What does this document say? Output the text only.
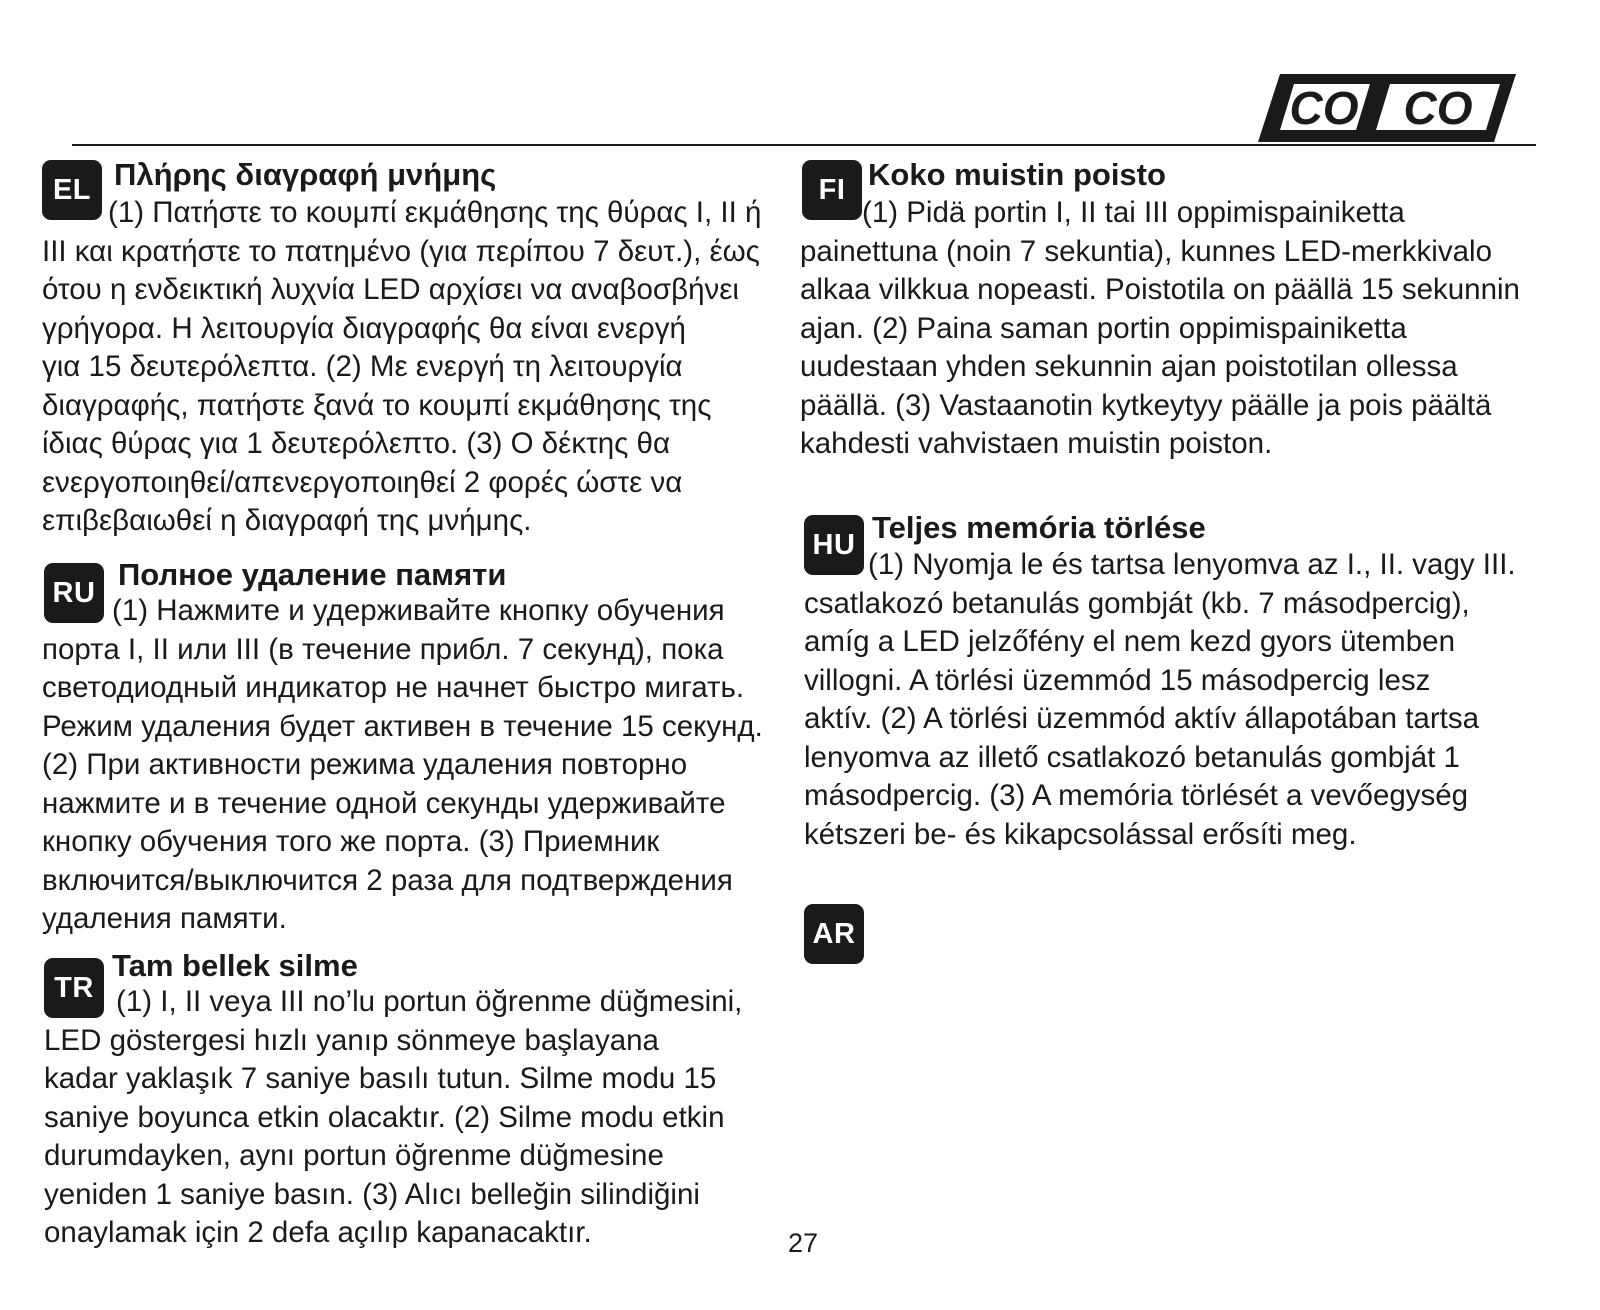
CO CO
EL Πλήρης διαγραφή μνήμης
(1) Πατήστε το κουμπί εκμάθησης της θύρας I, II ή
III και κρατήστε το πατημένο (για περίπου 7 δευτ.), έως
ότου η ενδεικτική λυχνία LED αρχίσει να αναβοσβήνει
γρήγορα. Η λειτουργία διαγραφής θα είναι ενεργή
για 15 δευτερόλεπτα. (2) Με ενεργή τη λειτουργία
διαγραφής, πατήστε ξανά το κουμπί εκμάθησης της
ίδιας θύρας για 1 δευτερόλεπτο. (3) Ο δέκτης θα
ενεργοποιηθεί/απενεργοποιηθεί 2 φορές ώστε να
επιβεβαιωθεί η διαγραφή της μνήμης.
RU
Полное удаление памяти
(1) Нажмите и удерживайте кнопку обучения
порта I, II или III (в течение прибл. 7 секунд), пока
светодиодный индикатор не начнет быстро мигать.
Режим удаления будет активен в течение 15 секунд.
(2) При активности режима удаления повторно
нажмите и в течение одной секунды удерживайте
кнопку обучения того же порта. (3) Приемник
включится/выключится 2 раза для подтверждения
удаления памяти.
TR
Tam bellek silme
(1) I, II veya III no’lu portun öğrenme düğmesini,
LED göstergesi hızlı yanıp sönmeye başlayana
kadar yaklaşık 7 saniye basılı tutun. Silme modu 15
saniye boyunca etkin olacaktır. (2) Silme modu etkin
durumdayken, aynı portun öğrenme düğmesine
yeniden 1 saniye basın. (3) Alıcı belleğin silindiğini
onaylamak için 2 defa açılıp kapanacaktır.
FI Koko muistin poisto
(1) Pidä portin I, II tai III oppimispainiketta
painettuna (noin 7 sekuntia), kunnes LED-merkkivalo
alkaa vilkkua nopeasti. Poistotila on päällä 15 sekunnin
ajan. (2) Paina saman portin oppimispainiketta
uudestaan yhden sekunnin ajan poistotilan ollessa
päällä. (3) Vastaanotin kytkeytyy päälle ja pois päältä
kahdesti vahvistaen muistin poiston.
HU Teljes memória törlése
(1) Nyomja le és tartsa lenyomva az I., II. vagy III.
csatlakozó betanulás gombját (kb. 7 másodpercig),
amíg a LED jelzőfény el nem kezd gyors ütemben
villogni. A törlési üzemmód 15 másodpercig lesz
aktív. (2) A törlési üzemmód aktív állapotában tartsa
lenyomva az illető csatlakozó betanulás gombját 1
másodpercig. (3) A memória törlését a vevőegység
kétszeri be- és kikapcsolással erősíti meg.
AR
27
